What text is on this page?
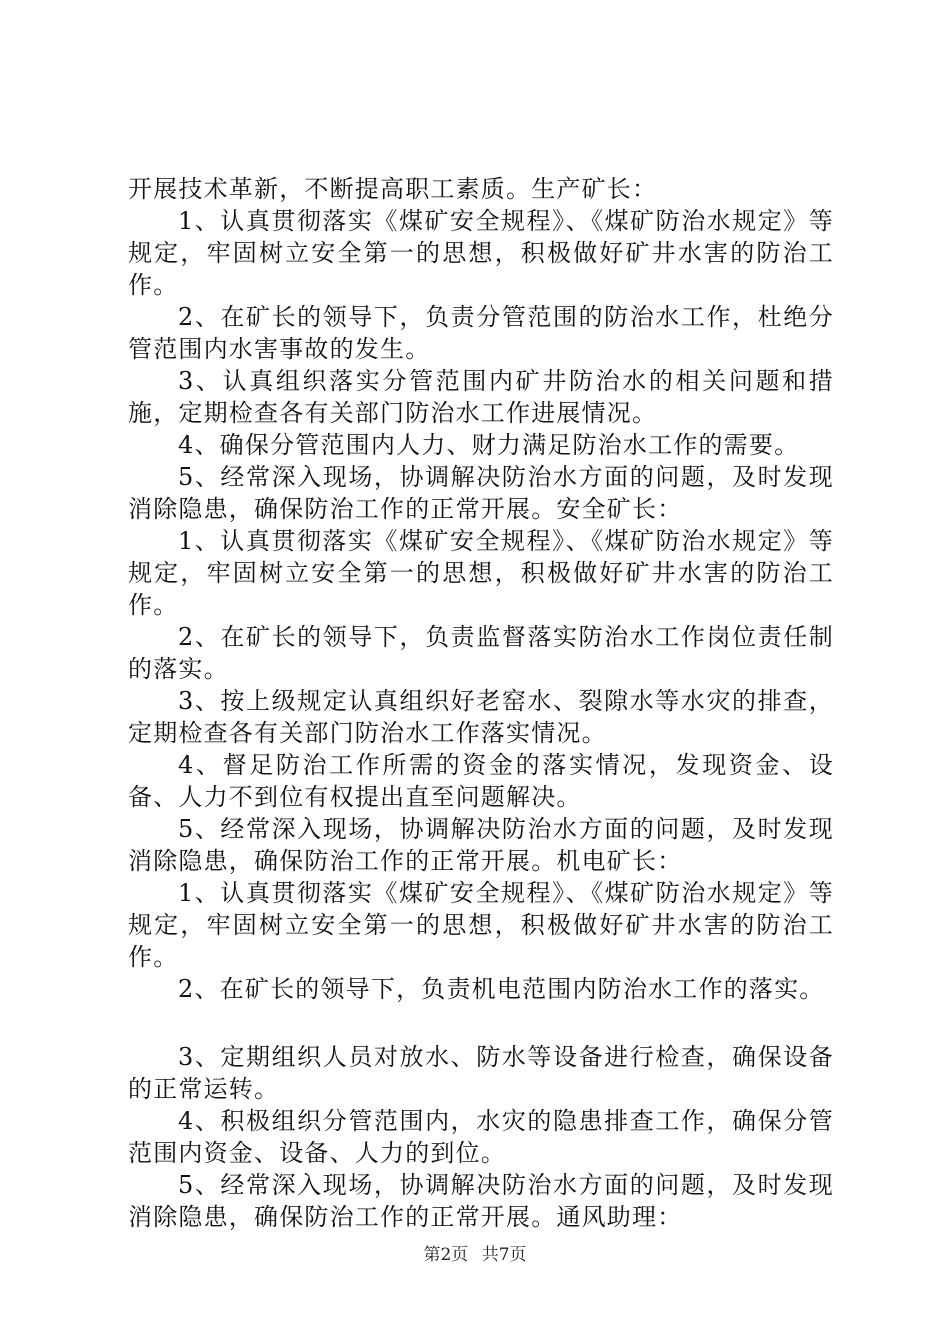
开展技术革新，不断提高职工素质。生产矿长：

1、认真贯彻落实《煤矿安全规程》、《煤矿防治水规定》等规定，牢固树立安全第一的思想，积极做好矿井水害的防治工作。

2、在矿长的领导下，负责分管范围的防治水工作，杜绝分管范围内水害事故的发生。

3、认真组织落实分管范围内矿井防治水的相关问题和措施，定期检查各有关部门防治水工作进展情况。

4、确保分管范围内人力、财力满足防治水工作的需要。

5、经常深入现场，协调解决防治水方面的问题，及时发现消除隐患，确保防治工作的正常开展。安全矿长：

1、认真贯彻落实《煤矿安全规程》、《煤矿防治水规定》等规定，牢固树立安全第一的思想，积极做好矿井水害的防治工作。

2、在矿长的领导下，负责监督落实防治水工作岗位责任制的落实。

3、按上级规定认真组织好老窑水、裂隙水等水灾的排查，定期检查各有关部门防治水工作落实情况。

4、督足防治工作所需的资金的落实情况，发现资金、设备、人力不到位有权提出直至问题解决。

5、经常深入现场，协调解决防治水方面的问题，及时发现消除隐患，确保防治工作的正常开展。机电矿长：

1、认真贯彻落实《煤矿安全规程》、《煤矿防治水规定》等规定，牢固树立安全第一的思想，积极做好矿井水害的防治工作。

2、在矿长的领导下，负责机电范围内防治水工作的落实。

3、定期组织人员对放水、防水等设备进行检查，确保设备的正常运转。

4、积极组织分管范围内，水灾的隐患排查工作，确保分管范围内资金、设备、人力的到位。

5、经常深入现场，协调解决防治水方面的问题，及时发现消除隐患，确保防治工作的正常开展。通风助理：

第2页 共7页
